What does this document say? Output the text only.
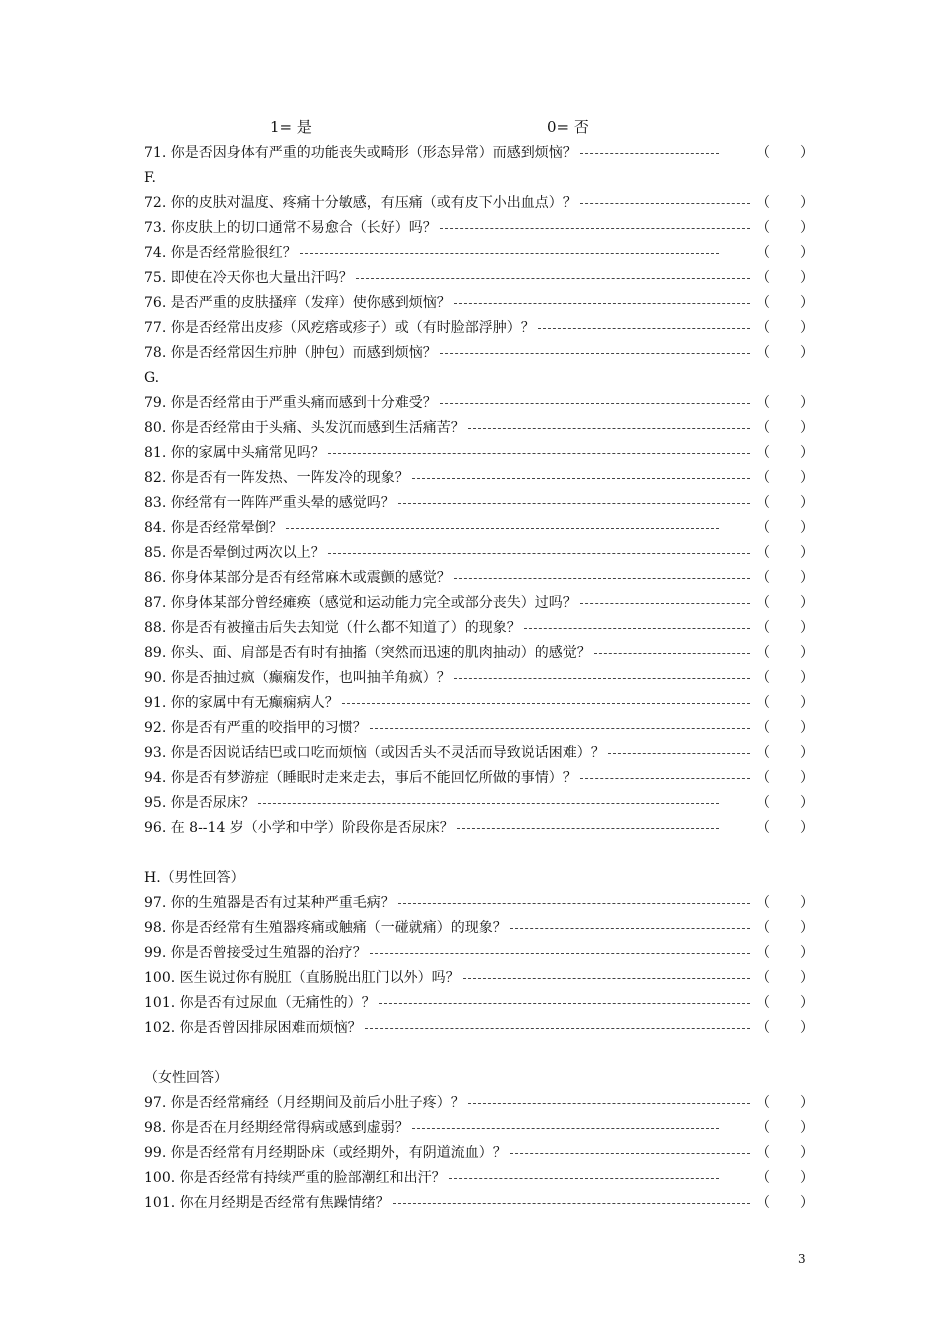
1= 是	0= 否
71. 你是否因身体有严重的功能丧失或畸形（形态异常）而感到烦恼？	（ ）
F.
72. 你的皮肤对温度、疼痛十分敏感，有压痛（或有皮下小出血点）？	（ ）
73. 你皮肤上的切口通常不易愈合（长好）吗？	（ ）
74. 你是否经常脸很红？	（ ）
75. 即使在冷天你也大量出汗吗？	（ ）
76. 是否严重的皮肤搔痒（发痒）使你感到烦恼？	（ ）
77. 你是否经常出皮疹（风疙瘩或疹子）或（有时脸部浮肿）？	（ ）
78. 你是否经常因生疖肿（肿包）而感到烦恼？	（ ）
G.
79. 你是否经常由于严重头痛而感到十分难受？	（ ）
80. 你是否经常由于头痛、头发沉而感到生活痛苦？	（ ）
81. 你的家属中头痛常见吗？	（ ）
82. 你是否有一阵发热、一阵发冷的现象？	（ ）
83. 你经常有一阵阵严重头晕的感觉吗？	（ ）
84. 你是否经常晕倒？	（ ）
85. 你是否晕倒过两次以上？	（ ）
86. 你身体某部分是否有经常麻木或震颤的感觉？	（ ）
87. 你身体某部分曾经瘫痪（感觉和运动能力完全或部分丧失）过吗？	（ ）
88. 你是否有被撞击后失去知觉（什么都不知道了）的现象？	（ ）
89. 你头、面、肩部是否有时有抽搐（突然而迅速的肌肉抽动）的感觉？	（ ）
90. 你是否抽过疯（癫痫发作，也叫抽羊角疯）？	（ ）
91. 你的家属中有无癫痫病人？	（ ）
92. 你是否有严重的咬指甲的习惯？	（ ）
93. 你是否因说话结巴或口吃而烦恼（或因舌头不灵活而导致说话困难）？	（ ）
94. 你是否有梦游症（睡眠时走来走去，事后不能回忆所做的事情）？	（ ）
95. 你是否尿床？	（ ）
96. 在 8--14 岁（小学和中学）阶段你是否尿床？	（ ）
H.（男性回答）
97. 你的生殖器是否有过某种严重毛病？	（ ）
98. 你是否经常有生殖器疼痛或触痛（一碰就痛）的现象？	（ ）
99. 你是否曾接受过生殖器的治疗？	（ ）
100. 医生说过你有脱肛（直肠脱出肛门以外）吗？	（ ）
101. 你是否有过尿血（无痛性的）？	（ ）
102. 你是否曾因排尿困难而烦恼？	（ ）
（女性回答）
97. 你是否经常痛经（月经期间及前后小肚子疼）？	（ ）
98. 你是否在月经期经常得病或感到虚弱？	（ ）
99. 你是否经常有月经期卧床（或经期外，有阴道流血）？	（ ）
100. 你是否经常有持续严重的脸部潮红和出汗？	（ ）
101. 你在月经期是否经常有焦躁情绪？	（ ）
3
